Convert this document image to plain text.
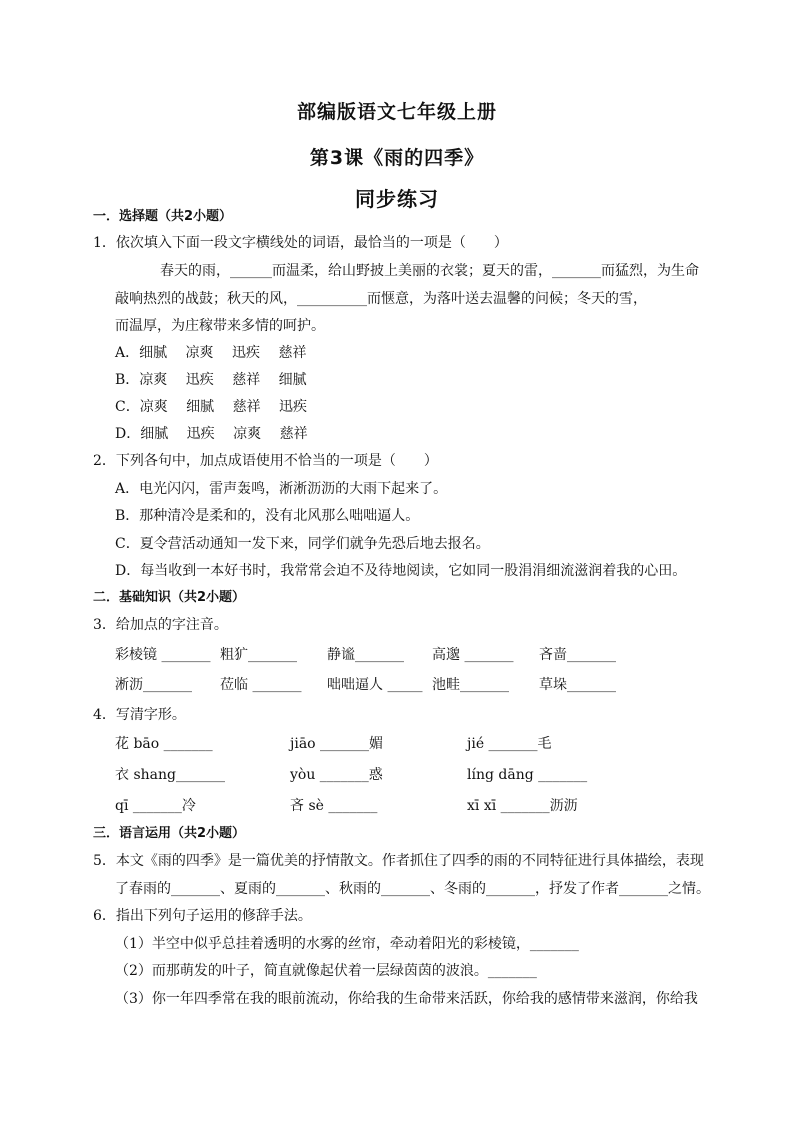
部编版语文七年级上册
第3课《雨的四季》
同步练习
一．选择题（共2小题）
1．依次填入下面一段文字横线处的词语，最恰当的一项是（　　）
春天的雨，______而温柔，给山野披上美丽的衣裳；夏天的雷，_______而猛烈，为生命
敲响热烈的战鼓；秋天的风，__________而惬意，为落叶送去温馨的问候；冬天的雪，
而温厚，为庄稼带来多情的呵护。
A．细腻　 凉爽　 迅疾　 慈祥
B．凉爽　 迅疾　 慈祥　 细腻
C．凉爽　 细腻　 慈祥　 迅疾
D．细腻　 迅疾　 凉爽　 慈祥
2．下列各句中，加点成语使用不恰当的一项是（　　）
A．电光闪闪，雷声轰鸣，淅淅沥沥的大雨下起来了。
B．那种清冷是柔和的，没有北风那么咄咄逼人。
C．夏令营活动通知一发下来，同学们就争先恐后地去报名。
D．每当收到一本好书时，我常常会迫不及待地阅读，它如同一股涓涓细流滋润着我的心田。
二．基础知识（共2小题）
3．给加点的字注音。
彩棱镜 _______ 粗犷_______ 静谧_______ 高邈 _______ 吝啬_______
淅沥_______ 莅临 _______ 咄咄逼人 _____ 池畦_______ 草垛_______
4．写清字形。
花 bāo _______	jiāo _______媚	jié _______毛
衣 shang_______	yòu _______惑	líng dāng _______
qī _______冷	吝 sè _______	xī xī _______沥沥
三．语言运用（共2小题）
5．本文《雨的四季》是一篇优美的抒情散文。作者抓住了四季的雨的不同特征进行具体描绘，表现
了春雨的_______、夏雨的_______、秋雨的_______、冬雨的_______，抒发了作者_______之情。
6．指出下列句子运用的修辞手法。
（1）半空中似乎总挂着透明的水雾的丝帘，牵动着阳光的彩棱镜，_______
（2）而那萌发的叶子，简直就像起伏着一层绿茵茵的波浪。_______
（3）你一年四季常在我的眼前流动，你给我的生命带来活跃，你给我的感情带来滋润，你给我
